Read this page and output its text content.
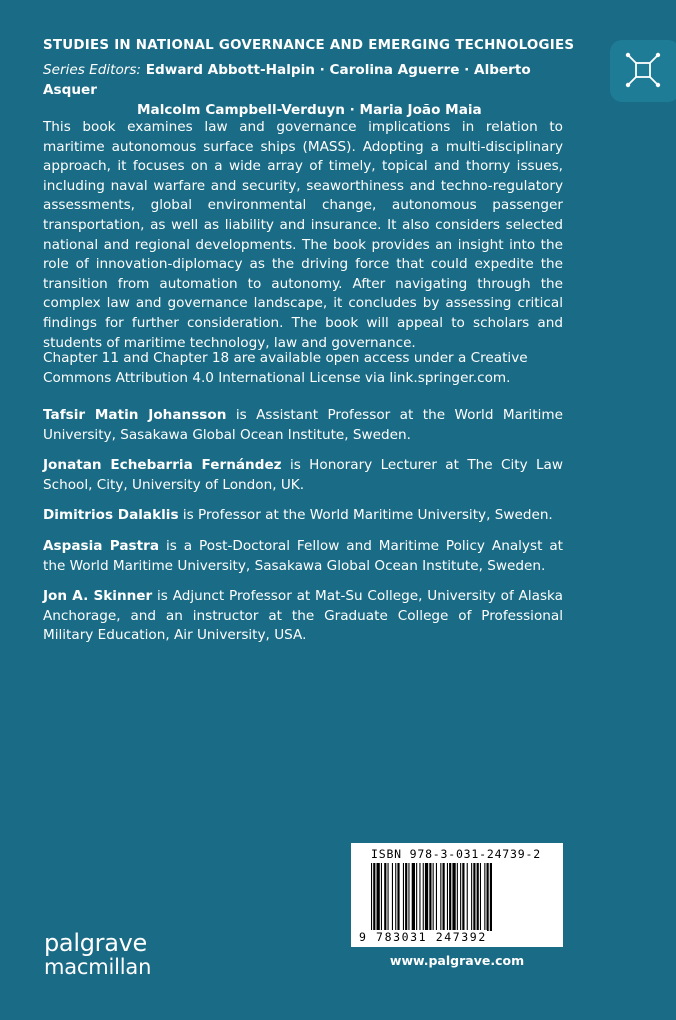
STUDIES IN NATIONAL GOVERNANCE AND EMERGING TECHNOLOGIES
Series Editors: Edward Abbott-Halpin · Carolina Aguerre · Alberto Asquer
Malcolm Campbell-Verduyn · Maria João Maia

This book examines law and governance implications in relation to maritime autonomous surface ships (MASS). Adopting a multi-disciplinary approach, it focuses on a wide array of timely, topical and thorny issues, including naval warfare and security, seaworthiness and techno-regulatory assessments, global environmental change, autonomous passenger transportation, as well as liability and insurance. It also considers selected national and regional developments. The book provides an insight into the role of innovation-diplomacy as the driving force that could expedite the transition from automation to autonomy. After navigating through the complex law and governance landscape, it concludes by assessing critical findings for further consideration. The book will appeal to scholars and students of maritime technology, law and governance.

Chapter 11 and Chapter 18 are available open access under a Creative Commons Attribution 4.0 International License via link.springer.com.

Tafsir Matin Johansson is Assistant Professor at the World Maritime University, Sasakawa Global Ocean Institute, Sweden.

Jonatan Echebarria Fernández is Honorary Lecturer at The City Law School, City, University of London, UK.

Dimitrios Dalaklis is Professor at the World Maritime University, Sweden.

Aspasia Pastra is a Post-Doctoral Fellow and Maritime Policy Analyst at the World Maritime University, Sasakawa Global Ocean Institute, Sweden.

Jon A. Skinner is Adjunct Professor at Mat-Su College, University of Alaska Anchorage, and an instructor at the Graduate College of Professional Military Education, Air University, USA.

ISBN 978-3-031-24739-2
9 783031 247392
www.palgrave.com
palgrave
macmillan
